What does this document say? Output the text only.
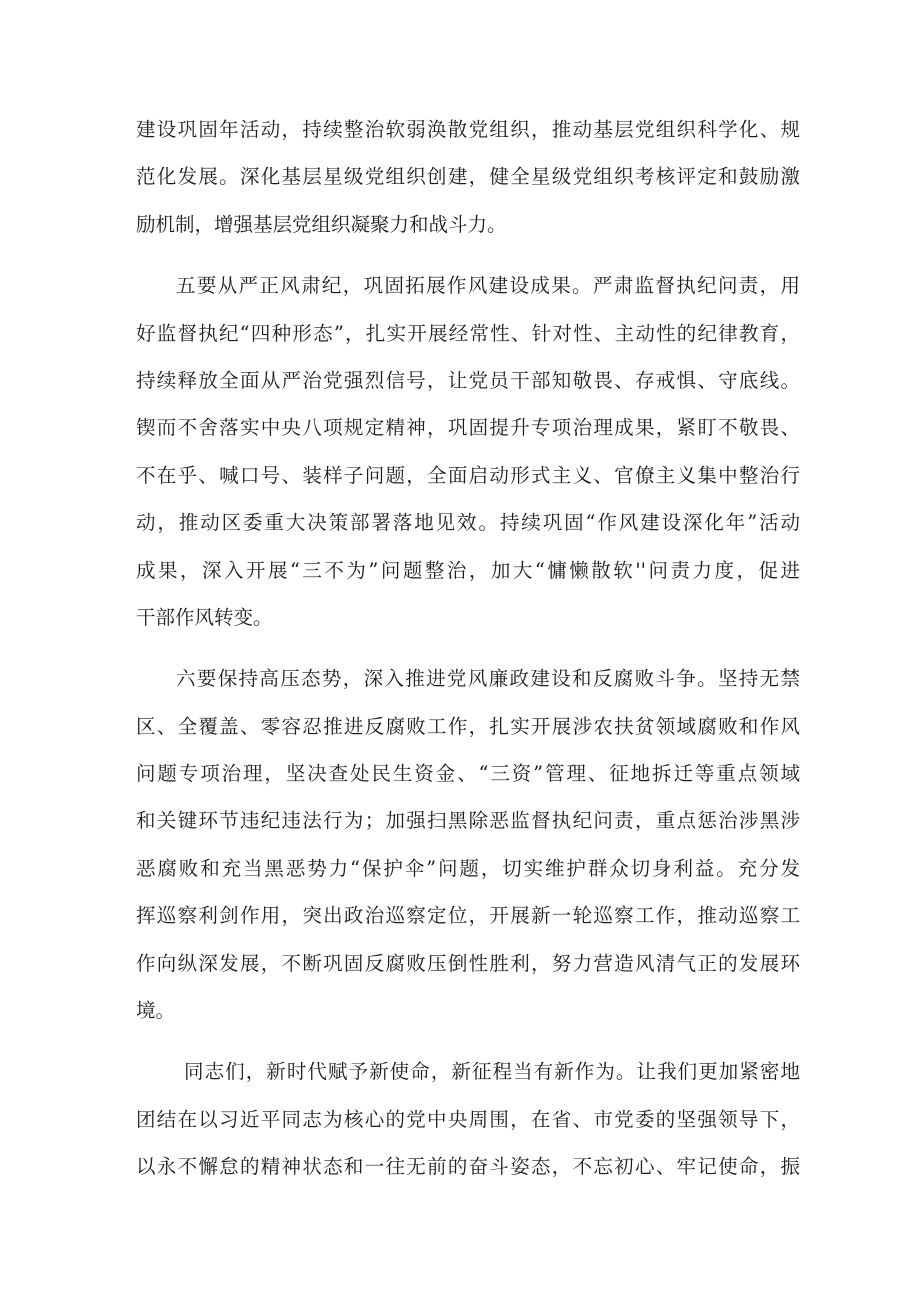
建设巩固年活动，持续整治软弱涣散党组织，推动基层党组织科学化、规
范化发展。深化基层星级党组织创建，健全星级党组织考核评定和鼓励激
励机制，增强基层党组织凝聚力和战斗力。
五要从严正风肃纪，巩固拓展作风建设成果。严肃监督执纪问责，用
好监督执纪“四种形态”，扎实开展经常性、针对性、主动性的纪律教育，
持续释放全面从严治党强烈信号，让党员干部知敬畏、存戒惧、守底线。
锲而不舍落实中央八项规定精神，巩固提升专项治理成果，紧盯不敬畏、
不在乎、喊口号、装样子问题，全面启动形式主义、官僚主义集中整治行
动，推动区委重大决策部署落地见效。持续巩固“作风建设深化年”活动
成果，深入开展“三不为”问题整治，加大“慵懒散软''问责力度，促进
干部作风转变。
六要保持高压态势，深入推进党风廉政建设和反腐败斗争。坚持无禁
区、全覆盖、零容忍推进反腐败工作，扎实开展涉农扶贫领域腐败和作风
问题专项治理，坚决查处民生资金、“三资”管理、征地拆迁等重点领域
和关键环节违纪违法行为；加强扫黑除恶监督执纪问责，重点惩治涉黑涉
恶腐败和充当黑恶势力“保护伞”问题，切实维护群众切身利益。充分发
挥巡察利剑作用，突出政治巡察定位，开展新一轮巡察工作，推动巡察工
作向纵深发展，不断巩固反腐败压倒性胜利，努力营造风清气正的发展环
境。
同志们，新时代赋予新使命，新征程当有新作为。让我们更加紧密地
团结在以习近平同志为核心的党中央周围，在省、市党委的坚强领导下，
以永不懈怠的精神状态和一往无前的奋斗姿态，不忘初心、牢记使命，振
